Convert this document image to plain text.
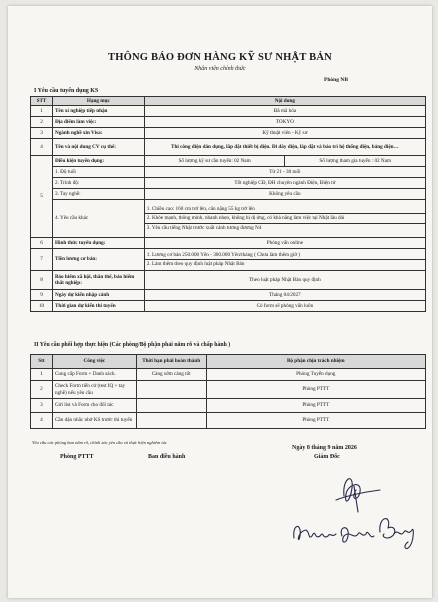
THÔNG BÁO ĐƠN HÀNG KỸ SƯ NHẬT BẢN
Nhân viên chính thức
Phòng NB
I Yêu cầu tuyển dụng KS
STT	Hạng mục	Nội dung	
1	Tên xí nghiệp tiếp nhận	Đã mã hóa	
2	Địa điểm làm việc:	TOKYO	
3	Ngành nghề xin Visa:	Kỹ thuật viên - Kỹ sư	
4	Tên và nội dung CV cụ thể:	Thi công điện dân dụng, lắp đặt thiết bị điện. Đi dây điện, lắp đặt và bảo trì hệ thống điện, bảng điện…	
5	Điều kiện tuyển dụng:	Số lượng kỹ sư cần tuyển: 02 Nam	Số lượng tham gia tuyển : 02 Nam
	1. Độ tuổi	Từ 21 - 30 tuổi	
	2. Trình độ:	Tốt nghiệp CĐ, ĐH chuyên ngành Điện, Điện tử	
	3. Tay nghề:	Không yêu cầu	
	4. Yêu cầu khác	1. Chiều cao: 160 cm trở lên, cân nặng 55 kg trở lên
2. Khỏe mạnh, thông minh, nhanh nhẹn, không bị dị ứng, có khả năng làm việc tại Nhật lâu dài
3. Yêu cầu tiếng Nhật trước xuất cảnh tương đương N4	

6	Hình thức tuyển dụng:	Phỏng vấn online	
7	Tiền lương cơ bản:	1. Lương cơ bản 250.000 Yên - 300.000 Yên/tháng ( Chưa làm thêm giờ )
2. Làm thêm theo quy định luật pháp Nhật Bản	

8	Bảo hiểm xã hội, thân thể, bảo hiểm thất nghiệp:	Theo luật pháp Nhật Bản quy định	
9	Ngày dự kiến nhập cảnh	Tháng 04/2027	
10	Thời gian dự kiến thi tuyển	Có form sẽ phỏng vấn luôn	
II Yêu cầu phối hợp thực hiện (Các phòng/Bộ phận phải nắm rõ và chấp hành )
Stt	Công việc	Thời hạn phải hoàn thành	Bộ phận chịu trách nhiệm
1	Cung cấp Form + Danh sách.	Càng sớm càng tốt	Phòng Tuyển dụng
2	Check Form tiến cử (test IQ + tay nghề) nếu yêu cầu		Phòng PTTT
3	Gửi list và Form cho đối tác		Phòng PTTT
4	Cần dặn nhắc nhở KS trước thi tuyển		Phòng PTTT
Yêu cầu các phòng ban nắm rõ, chỉnh xác yêu cầu và thực hiện nghiêm túc
Ngày 8 tháng 9 năm 2026
Phòng PTTT	Ban điều hành	Giám Đốc
